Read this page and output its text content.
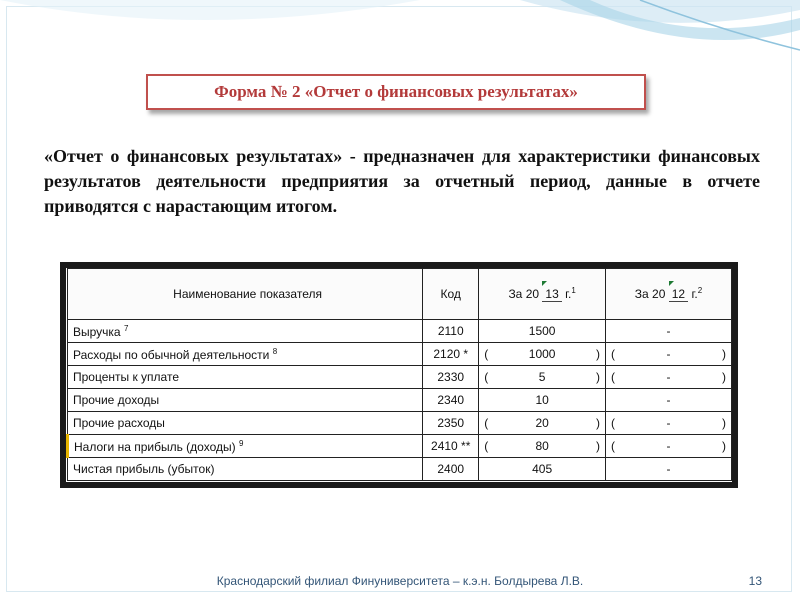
Форма № 2 «Отчет о финансовых результатах»
«Отчет о финансовых результатах» - предназначен для характеристики финансовых результатов деятельности предприятия за отчетный период, данные в отчете приводятся с нарастающим итогом.
Наименование показателя	Код	За 20 13 г.$^1$	За 20 12 г.$^2$
Выручка $^7$	2110	1500	-

Расходы по обычной деятельности $^8$	2120 *	( 1000 )	( - )

Проценты к уплате	2330	( 5 )	( - )

Прочие доходы	2340	10	-

Прочие расходы	2350	( 20 )	( - )

Налоги на прибыль (доходы) $^9$	2410 **	( 80 )	( - )

Чистая прибыль (убыток)	2400	405	-
Краснодарский филиал Финуниверситета – к.э.н. Болдырева Л.В.	13
